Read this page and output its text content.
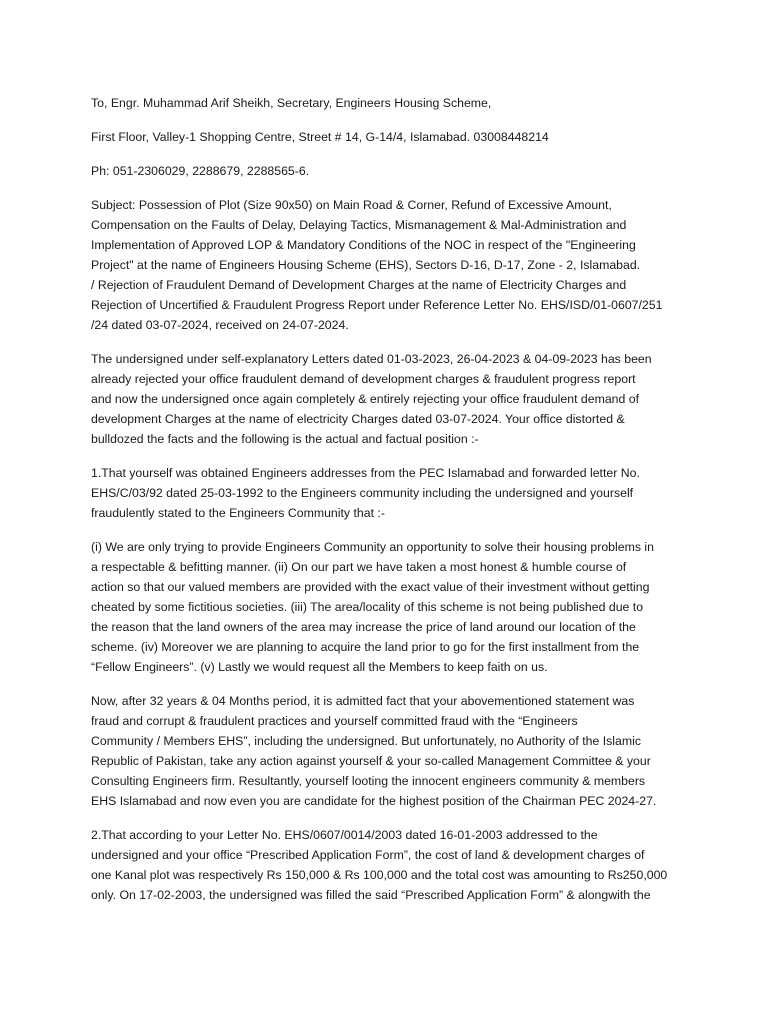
To, Engr. Muhammad Arif Sheikh, Secretary, Engineers Housing Scheme,

First Floor, Valley-1 Shopping Centre, Street # 14, G-14/4, Islamabad. 03008448214

Ph: 051-2306029, 2288679, 2288565-6.

Subject: Possession of Plot (Size 90x50) on Main Road & Corner, Refund of Excessive Amount,
Compensation on the Faults of Delay, Delaying Tactics, Mismanagement & Mal-Administration and
Implementation of Approved LOP & Mandatory Conditions of the NOC in respect of the "Engineering
Project" at the name of Engineers Housing Scheme (EHS), Sectors D-16, D-17, Zone - 2, Islamabad.
/ Rejection of Fraudulent Demand of Development Charges at the name of Electricity Charges and
Rejection of Uncertified & Fraudulent Progress Report under Reference Letter No. EHS/ISD/01-0607/251
/24 dated 03-07-2024, received on 24-07-2024.

The undersigned under self-explanatory Letters dated 01-03-2023, 26-04-2023 & 04-09-2023 has been
already rejected your office fraudulent demand of development charges & fraudulent progress report
and now the undersigned once again completely & entirely rejecting your office fraudulent demand of
development Charges at the name of electricity Charges dated 03-07-2024. Your office distorted &
bulldozed the facts and the following is the actual and factual position :-

1.That yourself was obtained Engineers addresses from the PEC Islamabad and forwarded letter No.
EHS/C/03/92 dated 25-03-1992 to the Engineers community including the undersigned and yourself
fraudulently stated to the Engineers Community that :-

(i) We are only trying to provide Engineers Community an opportunity to solve their housing problems in
a respectable & befitting manner. (ii) On our part we have taken a most honest & humble course of
action so that our valued members are provided with the exact value of their investment without getting
cheated by some fictitious societies. (iii) The area/locality of this scheme is not being published due to
the reason that the land owners of the area may increase the price of land around our location of the
scheme. (iv) Moreover we are planning to acquire the land prior to go for the first installment from the
“Fellow Engineers”. (v) Lastly we would request all the Members to keep faith on us.

Now, after 32 years & 04 Months period, it is admitted fact that your abovementioned statement was
fraud and corrupt & fraudulent practices and yourself committed fraud with the “Engineers
Community / Members EHS”, including the undersigned. But unfortunately, no Authority of the Islamic
Republic of Pakistan, take any action against yourself & your so-called Management Committee & your
Consulting Engineers firm. Resultantly, yourself looting the innocent engineers community & members
EHS Islamabad and now even you are candidate for the highest position of the Chairman PEC 2024-27.

2.That according to your Letter No. EHS/0607/0014/2003 dated 16-01-2003 addressed to the
undersigned and your office “Prescribed Application Form”, the cost of land & development charges of
one Kanal plot was respectively Rs 150,000 & Rs 100,000 and the total cost was amounting to Rs250,000
only. On 17-02-2003, the undersigned was filled the said “Prescribed Application Form” & alongwith the
